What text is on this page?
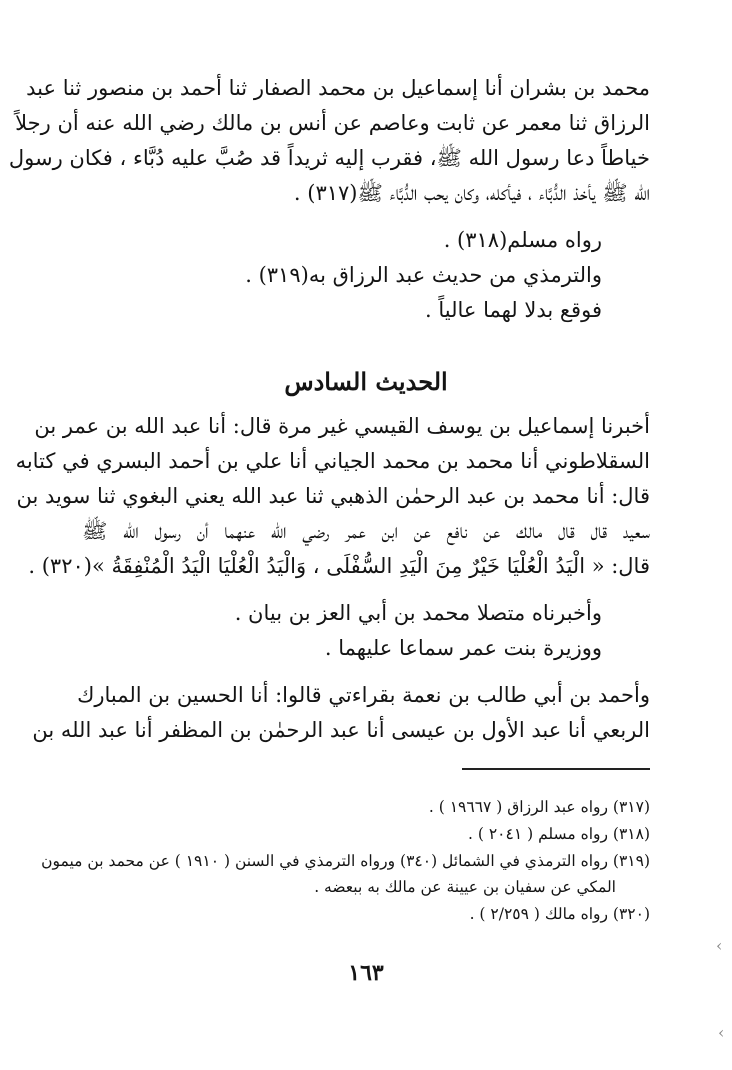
محمد بن بشران أنا إسماعيل بن محمد الصفار ثنا أحمد بن منصور ثنا عبد
الرزاق ثنا معمر عن ثابت وعاصم عن أنس بن مالك رضي الله عنه أن رجلاً
خياطاً دعا رسول الله ﷺ، فقرب إليه ثريداً قد صُبَّ عليه دُبَّاء ، فكان رسول
الله ﷺ يأخذ الدُّبَّاء ، فيأكله، وكان يحب الدُّبَّاء ﷺ(٣١٧) .
رواه مسلم(٣١٨) .
والترمذي من حديث عبد الرزاق به(٣١٩) .
فوقع بدلا لهما عالياً .
الحديث السادس
أخبرنا إسماعيل بن يوسف القيسي غير مرة قال: أنا عبد الله بن عمر بن
السقلاطوني أنا محمد بن محمد الجياني أنا علي بن أحمد البسري في كتابه
قال: أنا محمد بن عبد الرحمٰن الذهبي ثنا عبد الله يعني البغوي ثنا سويد بن
سعيد قال قال مالك عن نافع عن ابن عمر رضي الله عنهما أن رسول الله ﷺ
قال: « الْيَدُ الْعُلْيَا خَيْرٌ مِنَ الْيَدِ السُّفْلَى ، وَالْيَدُ الْعُلْيَا الْيَدُ الْمُنْفِقَةُ »(٣٢٠) .
وأخبرناه متصلا محمد بن أبي العز بن بيان .
ووزيرة بنت عمر سماعا عليهما .
وأحمد بن أبي طالب بن نعمة بقراءتي قالوا: أنا الحسين بن المبارك
الربعي أنا عبد الأول بن عيسى أنا عبد الرحمٰن بن المظفر أنا عبد الله بن
(٣١٧) رواه عبد الرزاق ( ١٩٦٦٧ ) .
(٣١٨) رواه مسلم ( ٢٠٤١ ) .
(٣١٩) رواه الترمذي في الشمائل (٣٤٠) ورواه الترمذي في السنن ( ١٩١٠ ) عن محمد بن ميمون
المكي عن سفيان بن عيينة عن مالك به ببعضه .
(٣٢٠) رواه مالك ( ٢/٢٥٩ ) .
١٦٣
‹
‹
